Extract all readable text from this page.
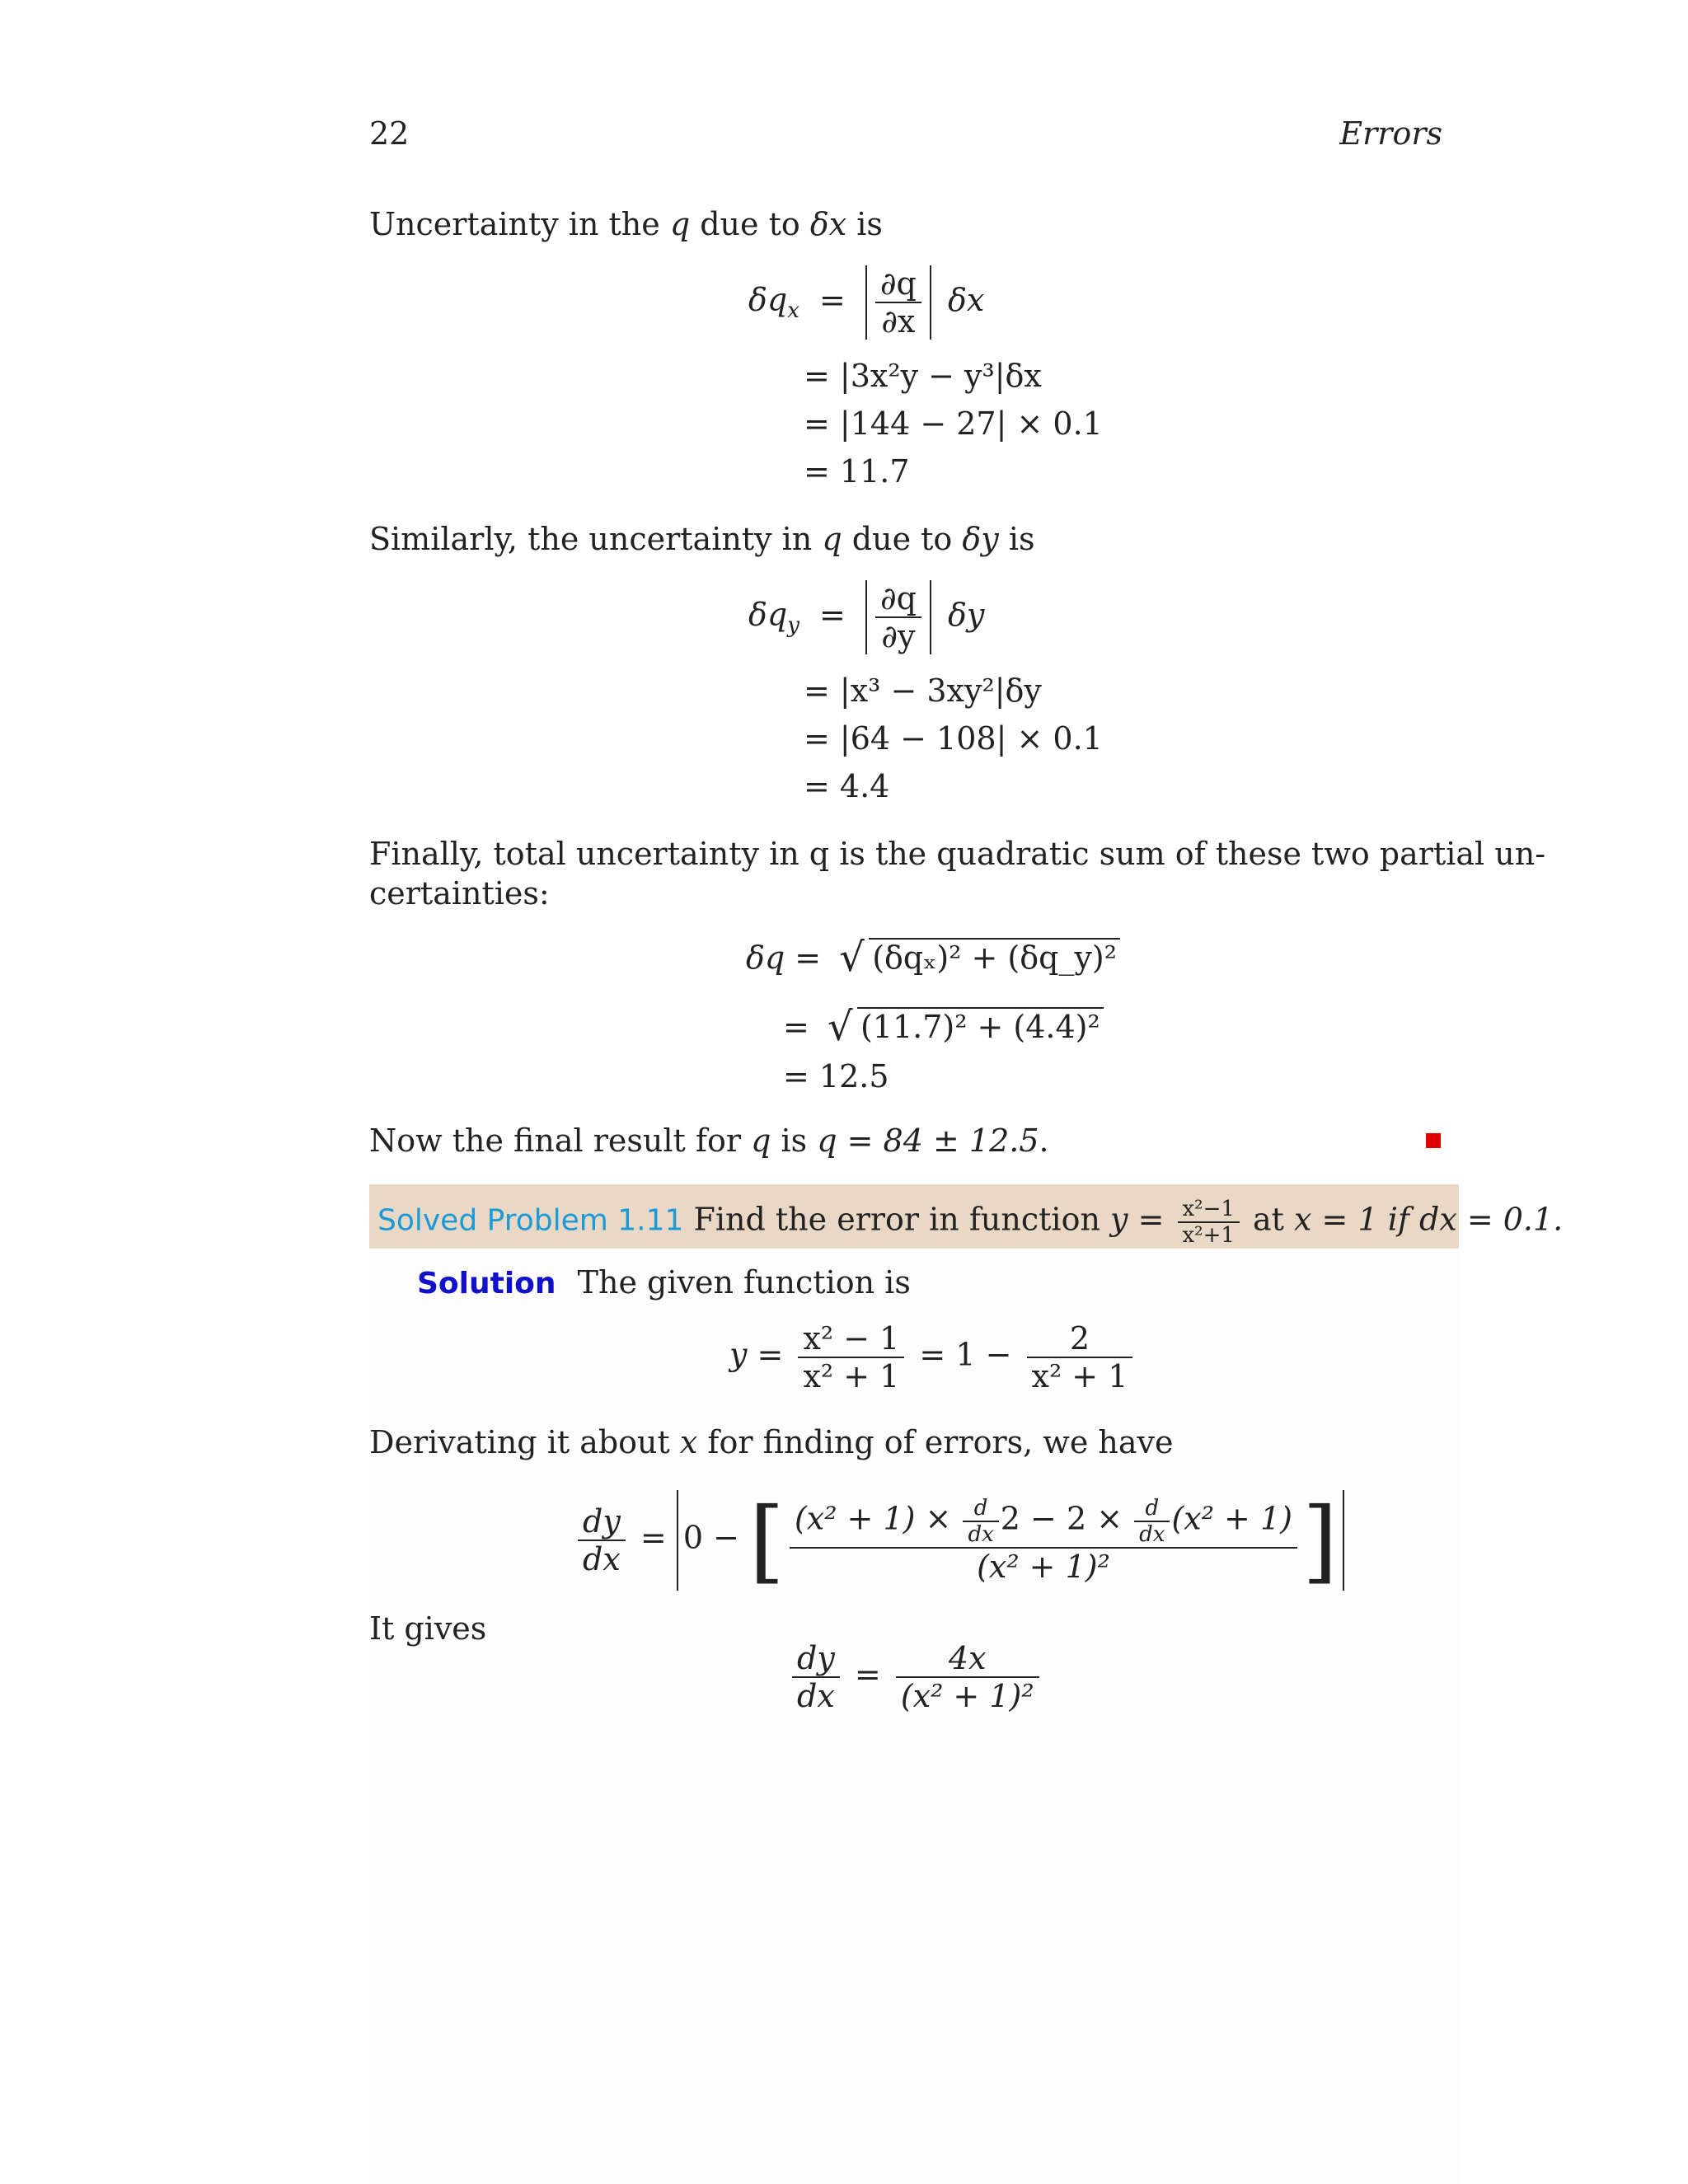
22	Errors
Uncertainty in the q due to δx is
$\delta q_x = \frac{\partial q}{\partial x}$ δx
= |3x²y − y³|δx
= |144 − 27| × 0.1
= 11.7
Similarly, the uncertainty in q due to δy is
$\delta q_y = \frac{\partial q}{\partial y}$ δy
= |x³ − 3xy²|δy
= |64 − 108| × 0.1
= 4.4
Finally, total uncertainty in q is the quadratic sum of these two partial un-
certainties:
δq = √ (δqₓ)² + (δq_y)²
= √ (11.7)² + (4.4)²
= 12.5
Now the final result for q is q = 84 ± 12.5.
Solved Problem 1.11 Find the error in function $y = \frac{\text{x²−1}}{\text{x²+1}}$ at x = 1 if dx = 0.1.
Solution The given function is
$y = \frac{\text{x² − 1}}{\text{x² + 1}} = 1 - \frac{2}{\text{x² + 1}}$
Derivating it about x for finding of errors, we have
$\frac{dy}{dx} = 0$ − [ $(x^2 + 1) \times \frac{d}{dx} 2 - 2 \times \frac{d}{dx} (x^2 + 1)$
(x² + 1)² ]
It gives
$\frac{dy}{dx} = \frac{4x}{\text{(x² + 1)²}}$
